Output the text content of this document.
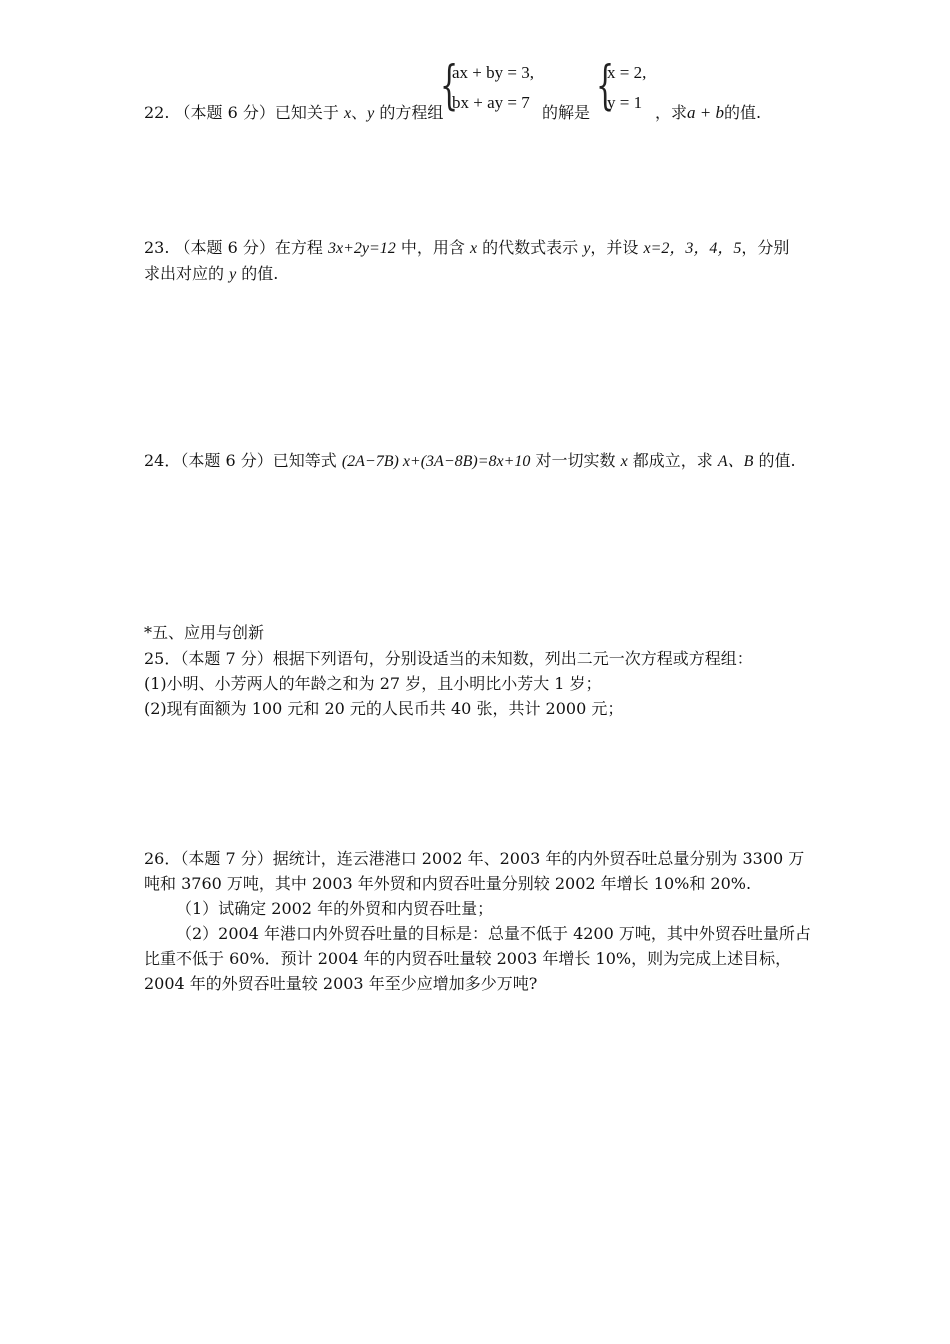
22. （本题 6 分）已知关于 x、y 的方程组
{
ax + by = 3,
bx + ay = 7
的解是 {
x = 2,
y = 1
，求a + b的值.
23. （本题 6 分）在方程 3x+2y=12 中，用含 x 的代数式表示 y，并设 x=2，3，4，5，分别
求出对应的 y 的值.
24．（本题 6 分）已知等式 (2A−7B) x+(3A−8B)=8x+10 对一切实数 x 都成立，求 A、B 的值.
*五、应用与创新
25．（本题 7 分）根据下列语句，分别设适当的未知数，列出二元一次方程或方程组：
(1)小明、小芳两人的年龄之和为 27 岁，且小明比小芳大 1 岁；
(2)现有面额为 100 元和 20 元的人民币共 40 张，共计 2000 元；
26．（本题 7 分）据统计，连云港港口 2002 年、2003 年的内外贸吞吐总量分别为 3300 万
吨和 3760 万吨，其中 2003 年外贸和内贸吞吐量分别较 2002 年增长 10%和 20%.
（1）试确定 2002 年的外贸和内贸吞吐量；
（2）2004 年港口内外贸吞吐量的目标是：总量不低于 4200 万吨，其中外贸吞吐量所占
比重不低于 60%．预计 2004 年的内贸吞吐量较 2003 年增长 10%，则为完成上述目标，
2004 年的外贸吞吐量较 2003 年至少应增加多少万吨?
